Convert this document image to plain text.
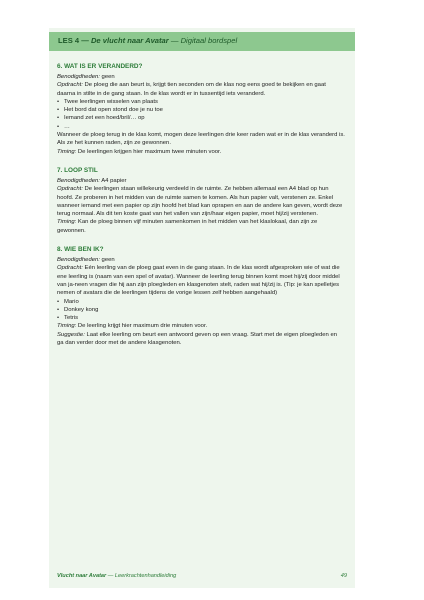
LES 4 — De vlucht naar Avatar — Digitaal bordspel

6. WAT IS ER VERANDERD?

Benodigdheden: geen

Opdracht: De ploeg die aan beurt is, krijgt tien seconden om de klas nog eens goed te bekijken en gaat daarna in stilte in de gang staan. In de klas wordt er in tussentijd iets veranderd.

• Twee leerlingen wisselen van plaats
• Het bord dat open stond doe je nu toe
• Iemand zet een hoed/bril/… op
• …

Wanneer de ploeg terug in de klas komt, mogen deze leerlingen drie keer raden wat er in de klas veranderd is. Als ze het kunnen raden, zijn ze gewonnen.

Timing: De leerlingen krijgen hier maximum twee minuten voor.

7. LOOP STIL

Benodigdheden: A4 papier

Opdracht: De leerlingen staan willekeurig verdeeld in de ruimte. Ze hebben allemaal een A4 blad op hun hoofd. Ze proberen in het midden van de ruimte samen te komen. Als hun papier valt, verstenen ze. Enkel wanneer iemand met een papier op zijn hoofd het blad kan oprapen en aan de andere kan geven, wordt deze terug normaal. Als dit ten koste gaat van het vallen van zijn/haar eigen papier, moet hij/zij verstenen.

Timing: Kan de ploeg binnen vijf minuten samenkomen in het midden van het klaslokaal, dan zijn ze gewonnen.

8. WIE BEN IK?

Benodigdheden: geen

Opdracht: Eén leerling van de ploeg gaat even in de gang staan. In de klas wordt afgesproken wie of wat die ene leerling is (naam van een spel of avatar). Wanneer de leerling terug binnen komt moet hij/zij door middel van ja-neen vragen die hij aan zijn ploegleden en klasgenoten stelt, raden wat hij/zij is. (Tip: je kan spelletjes nemen of avatars die de leerlingen tijdens de vorige lessen zelf hebben aangehaald)

• Mario
• Donkey kong
• Tetris

Timing: De leerling krijgt hier maximum drie minuten voor.

Suggestie: Laat elke leerling om beurt een antwoord geven op een vraag. Start met de eigen ploegleden en ga dan verder door met de andere klasgenoten.

Vlucht naar Avatar — Leerkrachtenhandleiding	49
